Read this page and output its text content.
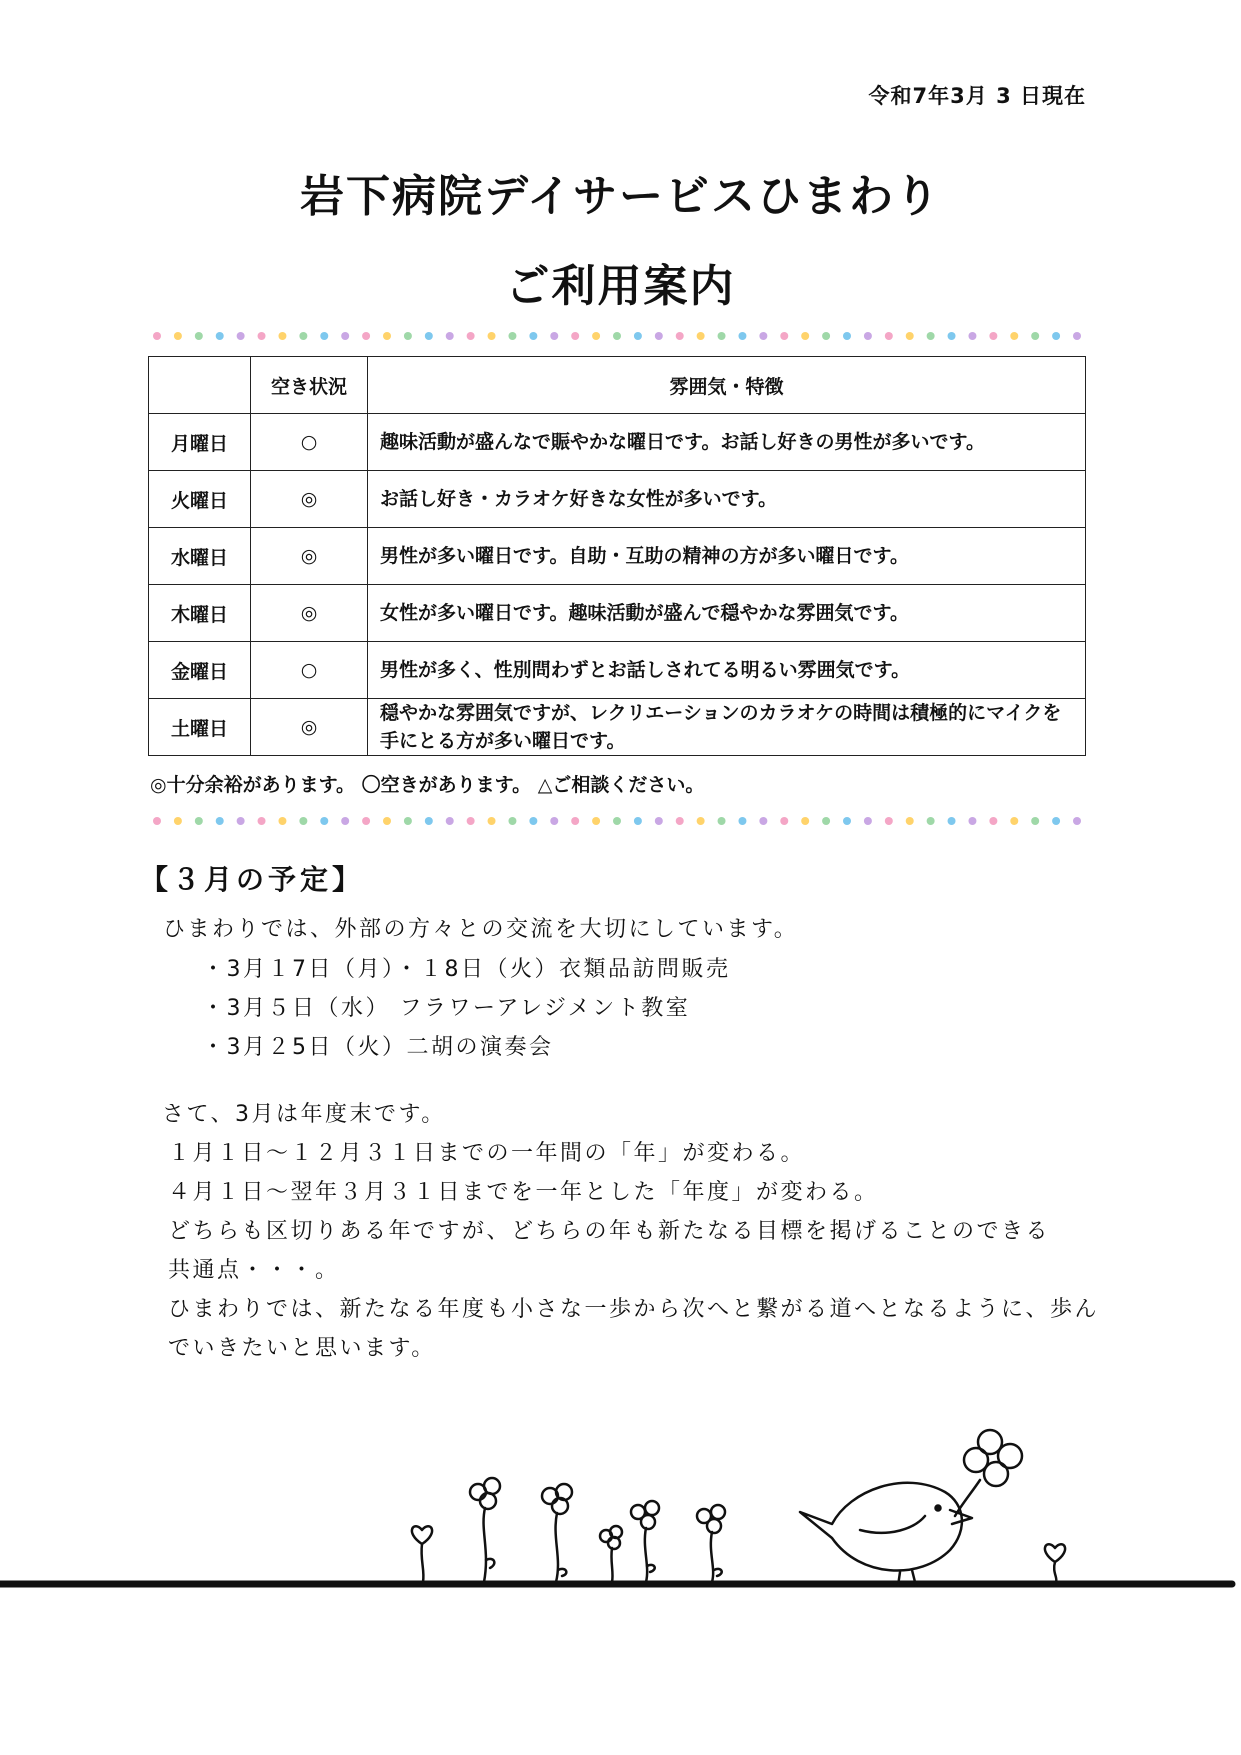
令和7年3月 3 日現在
岩下病院デイサービスひまわり
ご利用案内
	空き状況	雰囲気・特徴
月曜日	○	趣味活動が盛んなで賑やかな曜日です。お話し好きの男性が多いです。
火曜日	◎	お話し好き・カラオケ好きな女性が多いです。
水曜日	◎	男性が多い曜日です。自助・互助の精神の方が多い曜日です。
木曜日	◎	女性が多い曜日です。趣味活動が盛んで穏やかな雰囲気です。
金曜日	○	男性が多く、性別問わずとお話しされてる明るい雰囲気です。
土曜日	◎	穏やかな雰囲気ですが、レクリエーションのカラオケの時間は積極的にマイクを手にとる方が多い曜日です。
◎十分余裕があります。 〇空きがあります。 △ご相談ください。
【３月の予定】
ひまわりでは、外部の方々との交流を大切にしています。
・3月１7日（月）・１8日（火）衣類品訪問販売
・3月５日（水） フラワーアレジメント教室
・3月２5日（火）二胡の演奏会
さて、3月は年度末です。
１月１日～１２月３１日までの一年間の「年」が変わる。
４月１日～翌年３月３１日までを一年とした「年度」が変わる。
どちらも区切りある年ですが、どちらの年も新たなる目標を掲げることのできる
共通点・・・。
ひまわりでは、新たなる年度も小さな一歩から次へと繋がる道へとなるように、歩ん
でいきたいと思います。
